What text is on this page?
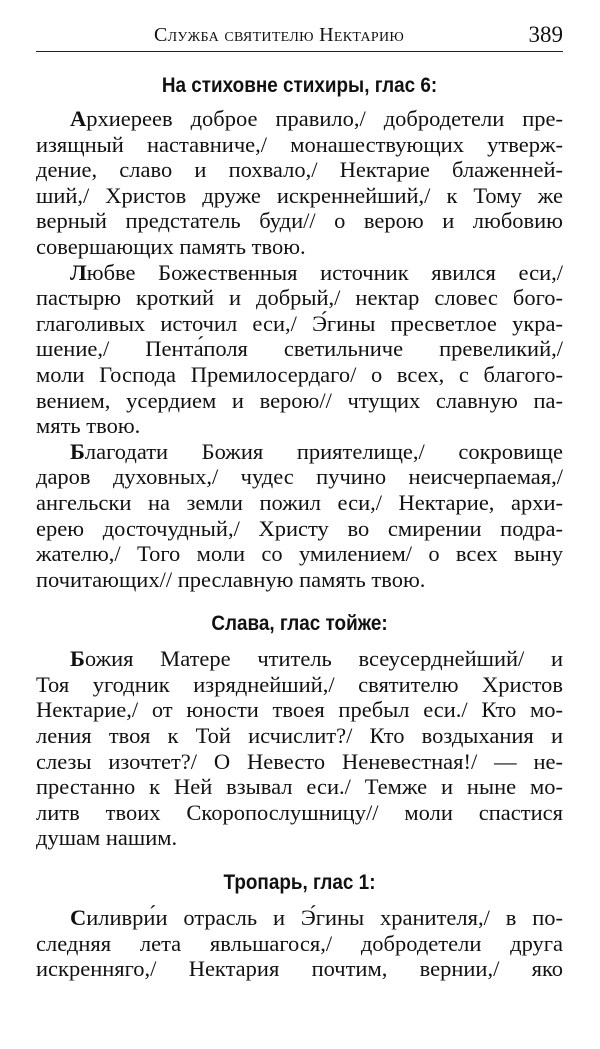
Служба святителю Нектарию	389
На стиховне стихиры, глас 6:
Архиереев доброе правило,/ добродетели пре-
изящный наставниче,/ монашествующих утверж-
дение, славо и похвало,/ Нектарие блаженней-
ший,/ Христов друже искреннейший,/ к Тому же
верный предстатель буди// о верою и любовию
совершающих память твою.
Любве Божественныя источник явился еси,/
пастырю кроткий и добрый,/ нектар словес бого-
глаголивых источил еси,/ Э́гины пресветлое укра-
шение,/ Пента́поля светильниче превеликий,/
моли Господа Премилосердаго/ о всех, с благого-
вением, усердием и верою// чтущих славную па-
мять твою.
Благодати Божия приятелище,/ сокровище
даров духовных,/ чудес пучино неисчерпаемая,/
ангельски на земли пожил еси,/ Нектарие, архи-
ерею досточудный,/ Христу во смирении подра-
жателю,/ Того моли со умилением/ о всех выну
почитающих// преславную память твою.
Слава, глас тойже:
Божия Матере чтитель всеусерднейший/ и
Тоя угодник изряднейший,/ святителю Христов
Нектарие,/ от юности твоея пребыл еси./ Кто мо-
ления твоя к Той исчислит?/ Кто воздыхания и
слезы изочтет?/ О Невесто Неневестная!/ — не-
престанно к Ней взывал еси./ Темже и ныне мо-
литв твоих Скоропослушницу// моли спастися
душам нашим.
Тропарь, глас 1:
Силиври́и отрасль и Э́гины хранителя,/ в по-
следняя лета явльшагося,/ добродетели друга
искренняго,/ Нектария почтим, вернии,/ яко
